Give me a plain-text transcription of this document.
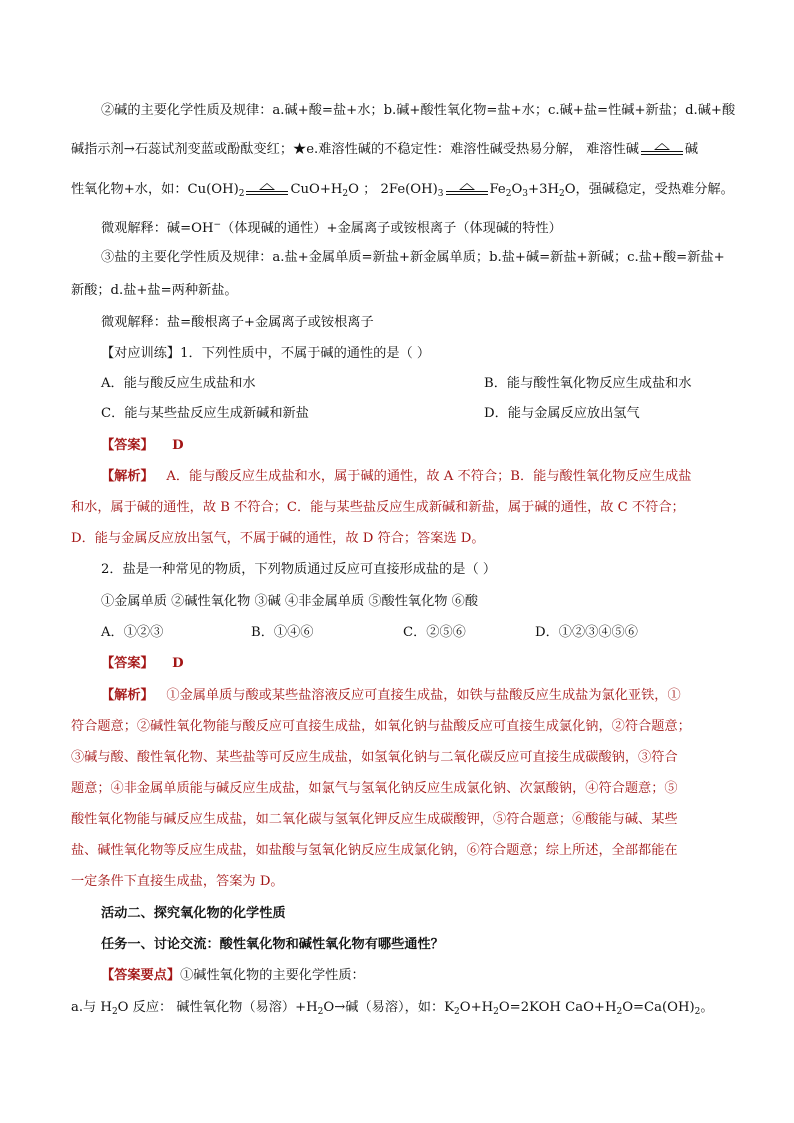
②碱的主要化学性质及规律：a.碱+酸=盐+水；b.碱+酸性氧化物=盐+水；c.碱+盐=性碱+新盐；d.碱+酸
碱指示剂→石蕊试剂变蓝或酚酞变红；★e.难溶性碱的不稳定性：难溶性碱受热易分解， 难溶性碱	碱
性氧化物+水，如：$Cu(OH)_2$	$CuO+H_2O$ ； $2Fe(OH)_3$	$Fe_2O_3+3H_2O$，强碱稳定，受热难分解。
微观解释：碱=OH−（体现碱的通性）+金属离子或铵根离子（体现碱的特性）
③盐的主要化学性质及规律：a.盐+金属单质=新盐+新金属单质；b.盐+碱=新盐+新碱；c.盐+酸=新盐+
新酸；d.盐+盐=两种新盐。
微观解释：盐=酸根离子+金属离子或铵根离子
【对应训练】1．下列性质中，不属于碱的通性的是（ ）
A．能与酸反应生成盐和水	B．能与酸性氧化物反应生成盐和水
C．能与某些盐反应生成新碱和新盐	D．能与金属反应放出氢气
【答案】 D
【解析】 A．能与酸反应生成盐和水，属于碱的通性，故 A 不符合；B．能与酸性氧化物反应生成盐
和水，属于碱的通性，故 B 不符合；C．能与某些盐反应生成新碱和新盐，属于碱的通性，故 C 不符合；
D．能与金属反应放出氢气，不属于碱的通性，故 D 符合；答案选 D。
2．盐是一种常见的物质，下列物质通过反应可直接形成盐的是（ ）
①金属单质 ②碱性氧化物 ③碱 ④非金属单质 ⑤酸性氧化物 ⑥酸
A．①②③	B．①④⑥	C．②⑤⑥	D．①②③④⑤⑥
【答案】 D
【解析】 ①金属单质与酸或某些盐溶液反应可直接生成盐，如铁与盐酸反应生成盐为氯化亚铁，①
符合题意；②碱性氧化物能与酸反应可直接生成盐，如氧化钠与盐酸反应可直接生成氯化钠，②符合题意；
③碱与酸、酸性氧化物、某些盐等可反应生成盐，如氢氧化钠与二氧化碳反应可直接生成碳酸钠，③符合
题意；④非金属单质能与碱反应生成盐，如氯气与氢氧化钠反应生成氯化钠、次氯酸钠，④符合题意；⑤
酸性氧化物能与碱反应生成盐，如二氧化碳与氢氧化钾反应生成碳酸钾，⑤符合题意；⑥酸能与碱、某些
盐、碱性氧化物等反应生成盐，如盐酸与氢氧化钠反应生成氯化钠，⑥符合题意；综上所述，全部都能在
一定条件下直接生成盐，答案为 D。
活动二、探究氧化物的化学性质
任务一、讨论交流：酸性氧化物和碱性氧化物有哪些通性？
【答案要点】①碱性氧化物的主要化学性质：
a.与 $H_2O$ 反应： 碱性氧化物（易溶）$+H_2O\to$碱（易溶），如：$K_2O+H_2O=2KOH$ $CaO+H_2O=Ca(OH)_2$。
